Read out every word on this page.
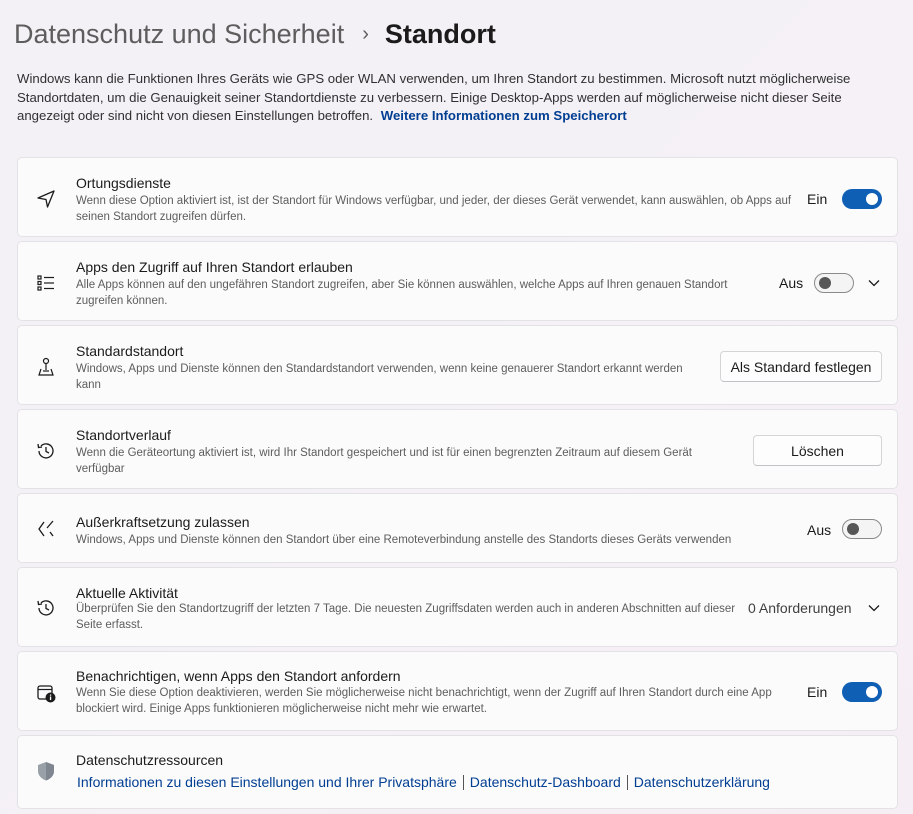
Datenschutz und Sicherheit › Standort
Windows kann die Funktionen Ihres Geräts wie GPS oder WLAN verwenden, um Ihren Standort zu bestimmen. Microsoft nutzt möglicherweise Standortdaten, um die Genauigkeit seiner Standortdienste zu verbessern. Einige Desktop-Apps werden auf möglicherweise nicht dieser Seite angezeigt oder sind nicht von diesen Einstellungen betroffen. Weitere Informationen zum Speicherort
Ortungsdienste
Wenn diese Option aktiviert ist, ist der Standort für Windows verfügbar, und jeder, der dieses Gerät verwendet, kann auswählen, ob Apps auf seinen Standort zugreifen dürfen.
Ein
Apps den Zugriff auf Ihren Standort erlauben
Alle Apps können auf den ungefähren Standort zugreifen, aber Sie können auswählen, welche Apps auf Ihren genauen Standort zugreifen können.
Aus
Standardstandort
Windows, Apps und Dienste können den Standardstandort verwenden, wenn keine genauerer Standort erkannt werden kann
Als Standard festlegen
Standortverlauf
Wenn die Geräteortung aktiviert ist, wird Ihr Standort gespeichert und ist für einen begrenzten Zeitraum auf diesem Gerät verfügbar
Löschen
Außerkraftsetzung zulassen
Windows, Apps und Dienste können den Standort über eine Remoteverbindung anstelle des Standorts dieses Geräts verwenden
Aus
Aktuelle Aktivität
Überprüfen Sie den Standortzugriff der letzten 7 Tage. Die neuesten Zugriffsdaten werden auch in anderen Abschnitten auf dieser Seite erfasst.
0 Anforderungen
Benachrichtigen, wenn Apps den Standort anfordern
Wenn Sie diese Option deaktivieren, werden Sie möglicherweise nicht benachrichtigt, wenn der Zugriff auf Ihren Standort durch eine App blockiert wird. Einige Apps funktionieren möglicherweise nicht mehr wie erwartet.
Ein
Datenschutzressourcen
Informationen zu diesen Einstellungen und Ihrer Privatsphäre Datenschutz-Dashboard Datenschutzerklärung
